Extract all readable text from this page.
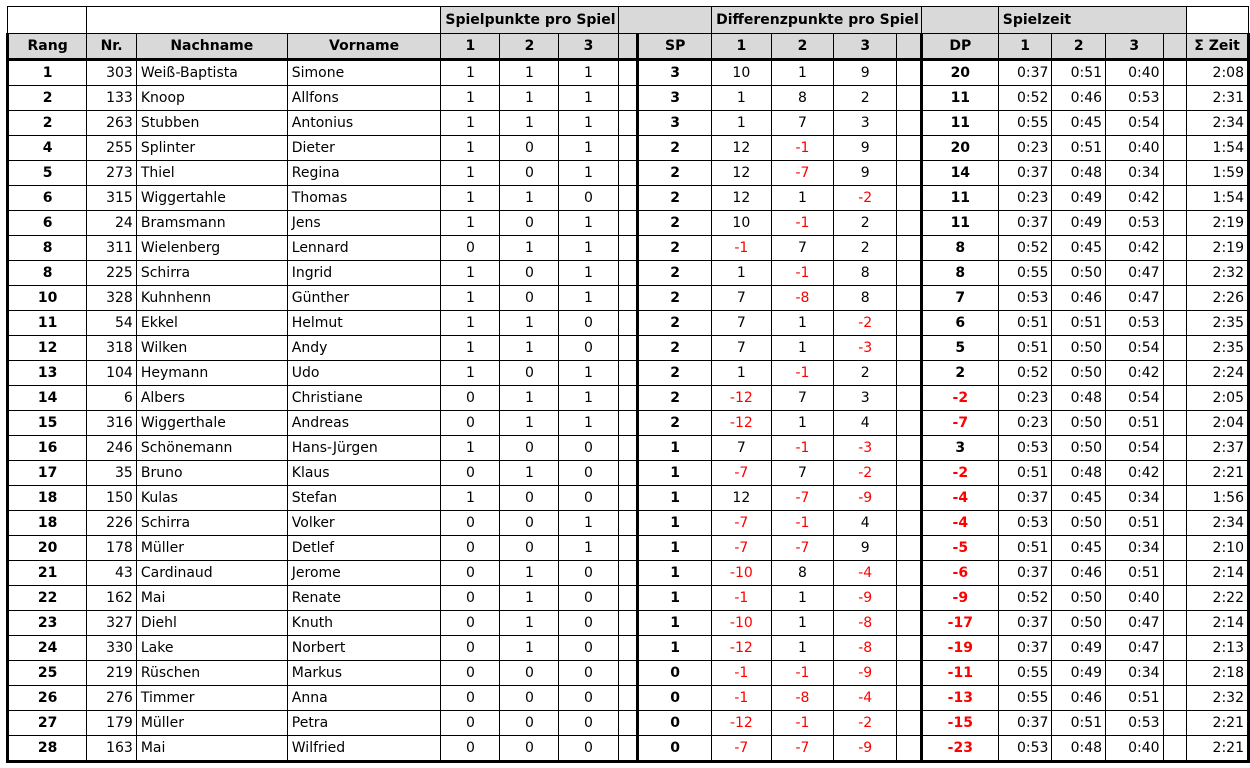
				Spielpunkte pro Spiel					Differenzpunkte pro Spiel					Spielzeit				
Rang	Nr.	Nachname	Vorname	1	2	3		SP	1	2	3		DP	1	2	3		Σ Zeit
1	303	Weiß-Baptista	Simone	1	1	1		3	10	1	9		20	0:37	0:51	0:40		2:08
2	133	Knoop	Allfons	1	1	1		3	1	8	2		11	0:52	0:46	0:53		2:31
2	263	Stubben	Antonius	1	1	1		3	1	7	3		11	0:55	0:45	0:54		2:34
4	255	Splinter	Dieter	1	0	1		2	12	-1	9		20	0:23	0:51	0:40		1:54
5	273	Thiel	Regina	1	0	1		2	12	-7	9		14	0:37	0:48	0:34		1:59
6	315	Wiggertahle	Thomas	1	1	0		2	12	1	-2		11	0:23	0:49	0:42		1:54
6	24	Bramsmann	Jens	1	0	1		2	10	-1	2		11	0:37	0:49	0:53		2:19
8	311	Wielenberg	Lennard	0	1	1		2	-1	7	2		8	0:52	0:45	0:42		2:19
8	225	Schirra	Ingrid	1	0	1		2	1	-1	8		8	0:55	0:50	0:47		2:32
10	328	Kuhnhenn	Günther	1	0	1		2	7	-8	8		7	0:53	0:46	0:47		2:26
11	54	Ekkel	Helmut	1	1	0		2	7	1	-2		6	0:51	0:51	0:53		2:35
12	318	Wilken	Andy	1	1	0		2	7	1	-3		5	0:51	0:50	0:54		2:35
13	104	Heymann	Udo	1	0	1		2	1	-1	2		2	0:52	0:50	0:42		2:24
14	6	Albers	Christiane	0	1	1		2	-12	7	3		-2	0:23	0:48	0:54		2:05
15	316	Wiggerthale	Andreas	0	1	1		2	-12	1	4		-7	0:23	0:50	0:51		2:04
16	246	Schönemann	Hans-Jürgen	1	0	0		1	7	-1	-3		3	0:53	0:50	0:54		2:37
17	35	Bruno	Klaus	0	1	0		1	-7	7	-2		-2	0:51	0:48	0:42		2:21
18	150	Kulas	Stefan	1	0	0		1	12	-7	-9		-4	0:37	0:45	0:34		1:56
18	226	Schirra	Volker	0	0	1		1	-7	-1	4		-4	0:53	0:50	0:51		2:34
20	178	Müller	Detlef	0	0	1		1	-7	-7	9		-5	0:51	0:45	0:34		2:10
21	43	Cardinaud	Jerome	0	1	0		1	-10	8	-4		-6	0:37	0:46	0:51		2:14
22	162	Mai	Renate	0	1	0		1	-1	1	-9		-9	0:52	0:50	0:40		2:22
23	327	Diehl	Knuth	0	1	0		1	-10	1	-8		-17	0:37	0:50	0:47		2:14
24	330	Lake	Norbert	0	1	0		1	-12	1	-8		-19	0:37	0:49	0:47		2:13
25	219	Rüschen	Markus	0	0	0		0	-1	-1	-9		-11	0:55	0:49	0:34		2:18
26	276	Timmer	Anna	0	0	0		0	-1	-8	-4		-13	0:55	0:46	0:51		2:32
27	179	Müller	Petra	0	0	0		0	-12	-1	-2		-15	0:37	0:51	0:53		2:21
28	163	Mai	Wilfried	0	0	0		0	-7	-7	-9		-23	0:53	0:48	0:40		2:21
